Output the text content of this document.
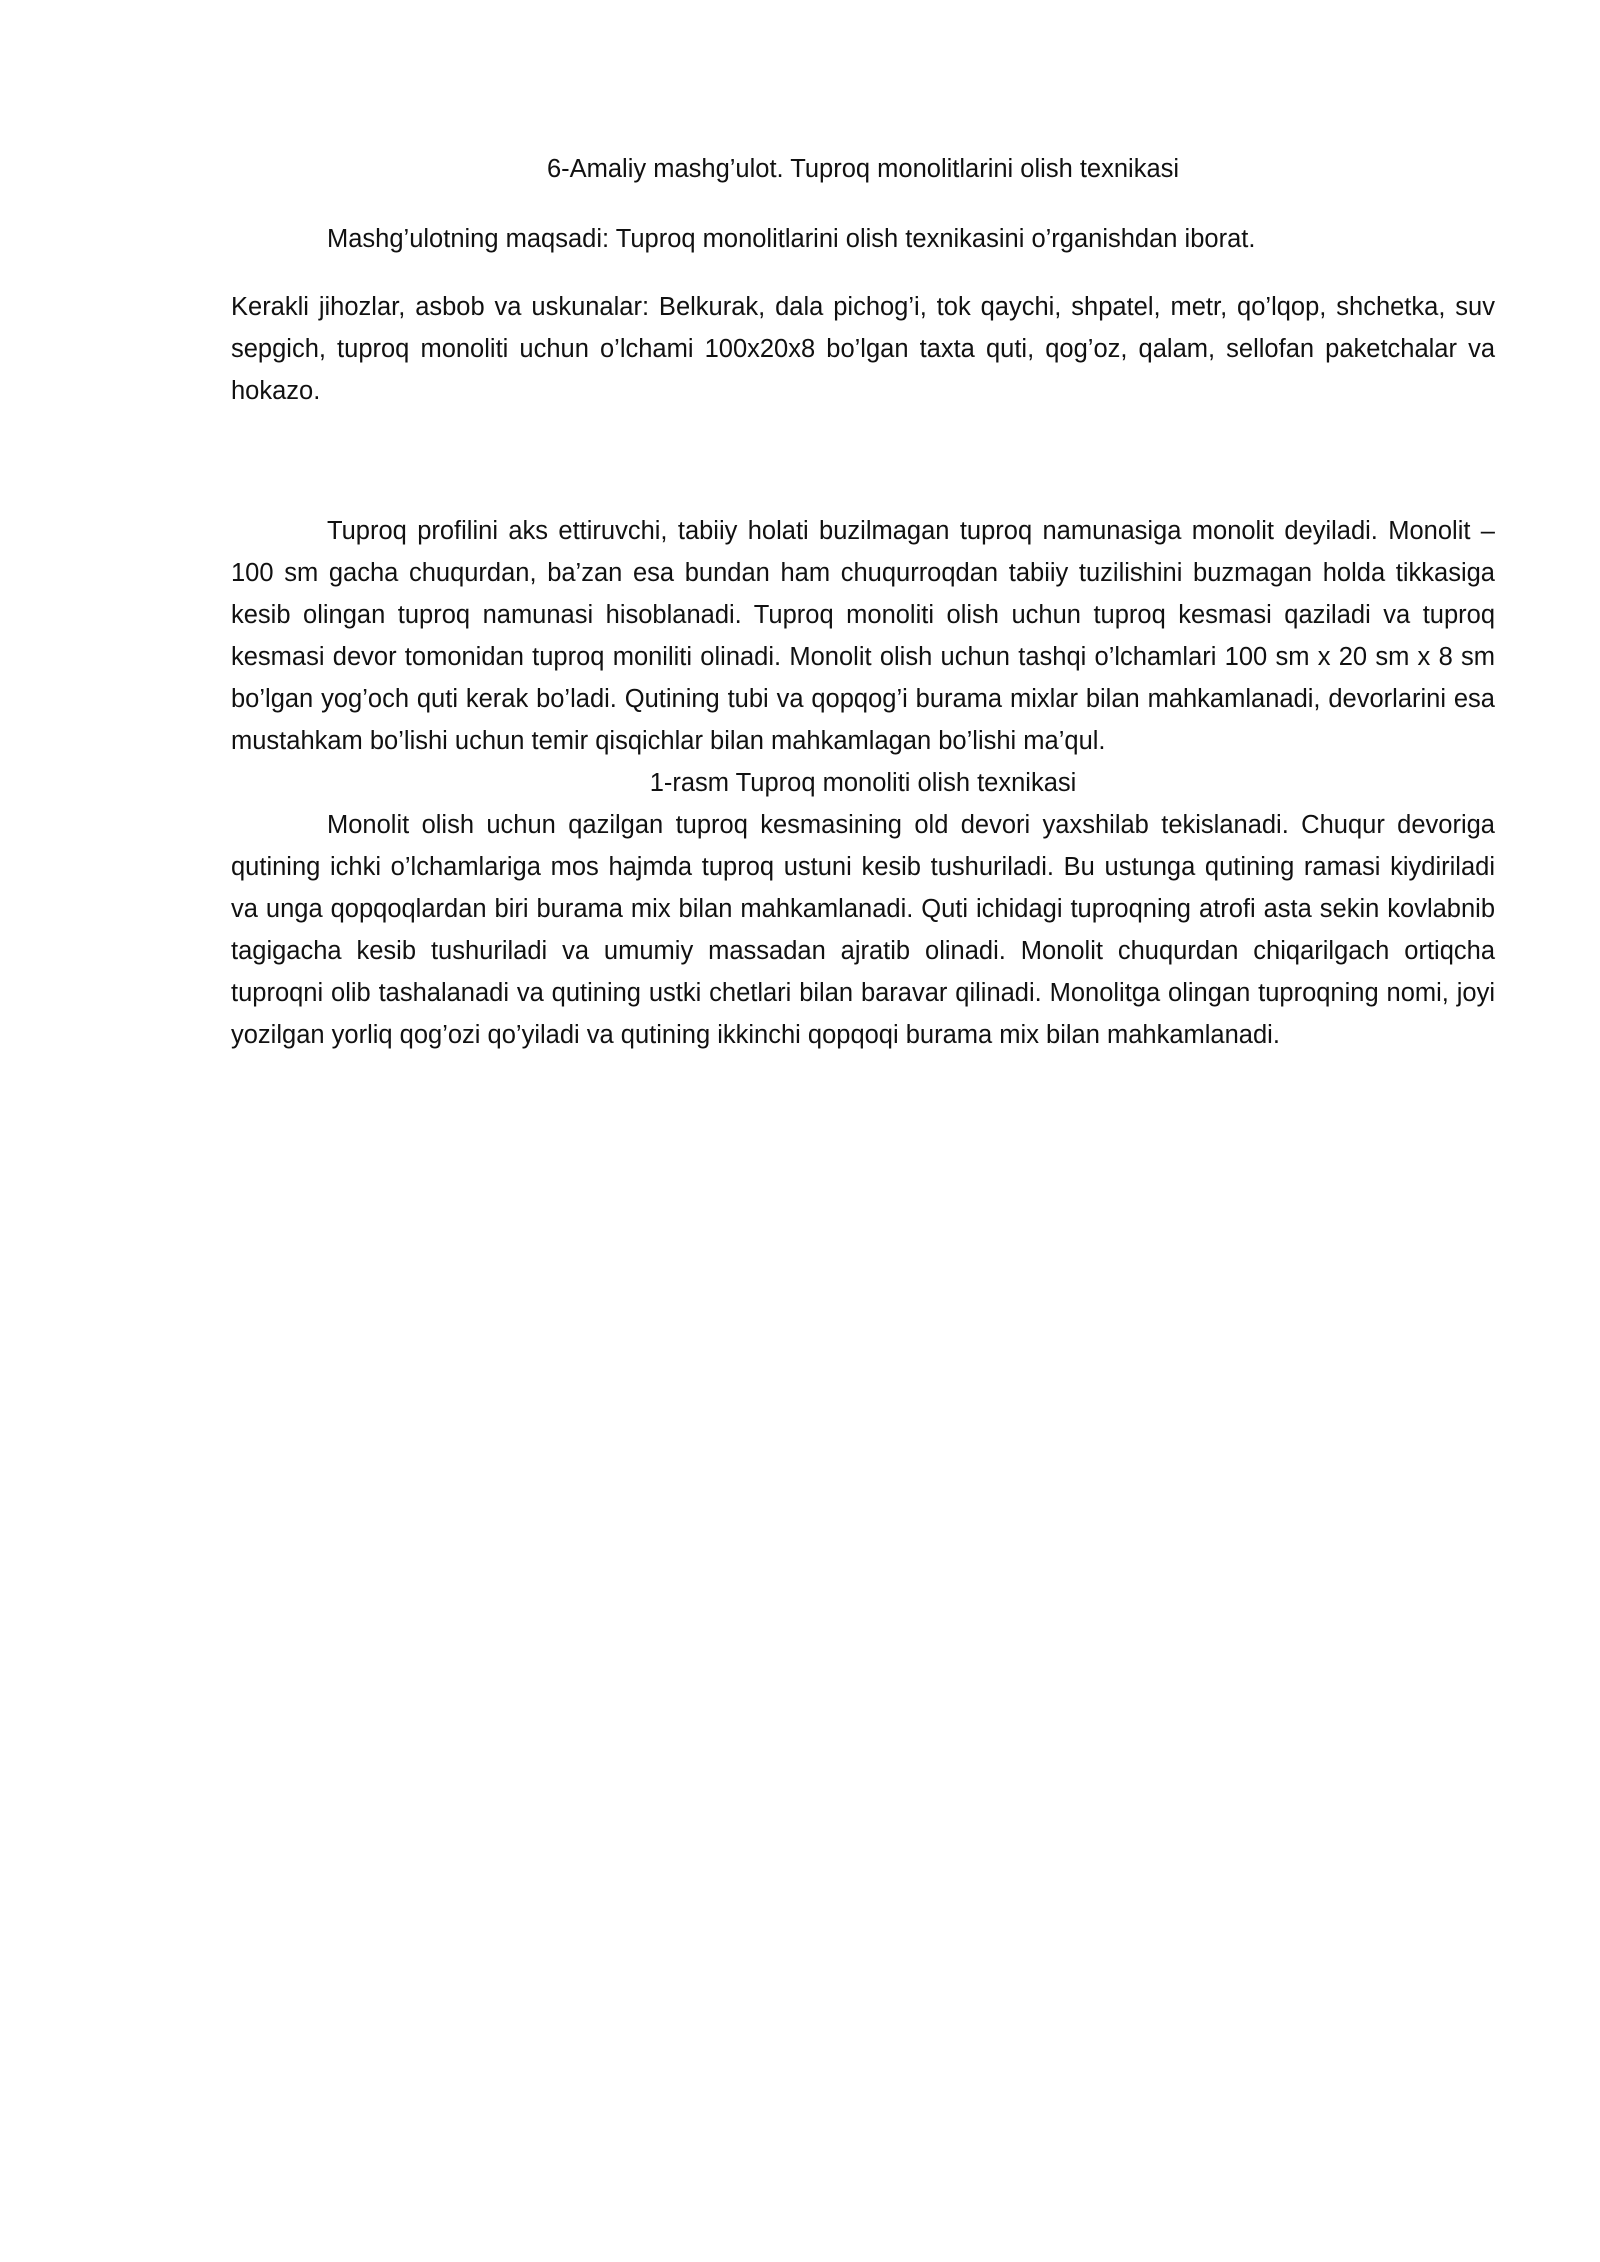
6-Amaliy mashg’ulot. Tuproq monolitlarini olish texnikasi

Mashg’ulotning maqsadi: Tuproq monolitlarini olish texnikasini o’rganishdan iborat.

Kerakli jihozlar, asbob va uskunalar: Belkurak, dala pichog’i, tok qaychi, shpatel, metr, qo’lqop, shchetka, suv sepgich, tuproq monoliti uchun o’lchami 100x20x8 bo’lgan taxta quti, qog’oz, qalam, sellofan paketchalar va hokazo.

Tuproq profilini aks ettiruvchi, tabiiy holati buzilmagan tuproq namunasiga monolit deyiladi. Monolit – 100 sm gacha chuqurdan, ba’zan esa bundan ham chuqurroqdan tabiiy tuzilishini buzmagan holda tikkasiga kesib olingan tuproq namunasi hisoblanadi. Tuproq monoliti olish uchun tuproq kesmasi qaziladi va tuproq kesmasi devor tomonidan tuproq moniliti olinadi. Monolit olish uchun tashqi o’lchamlari 100 sm x 20 sm x 8 sm bo’lgan yog’och quti kerak bo’ladi. Qutining tubi va qopqog’i burama mixlar bilan mahkamlanadi, devorlarini esa mustahkam bo’lishi uchun temir qisqichlar bilan mahkamlagan bo’lishi ma’qul.

1-rasm Tuproq monoliti olish texnikasi

Monolit olish uchun qazilgan tuproq kesmasining old devori yaxshilab tekislanadi. Chuqur devoriga qutining ichki o’lchamlariga mos hajmda tuproq ustuni kesib tushuriladi. Bu ustunga qutining ramasi kiydiriladi va unga qopqoqlardan biri burama mix bilan mahkamlanadi. Quti ichidagi tuproqning atrofi asta sekin kovlabnib tagigacha kesib tushuriladi va umumiy massadan ajratib olinadi. Monolit chuqurdan chiqarilgach ortiqcha tuproqni olib tashalanadi va qutining ustki chetlari bilan baravar qilinadi. Monolitga olingan tuproqning nomi, joyi yozilgan yorliq qog’ozi qo’yiladi va qutining ikkinchi qopqoqi burama mix bilan mahkamlanadi.
